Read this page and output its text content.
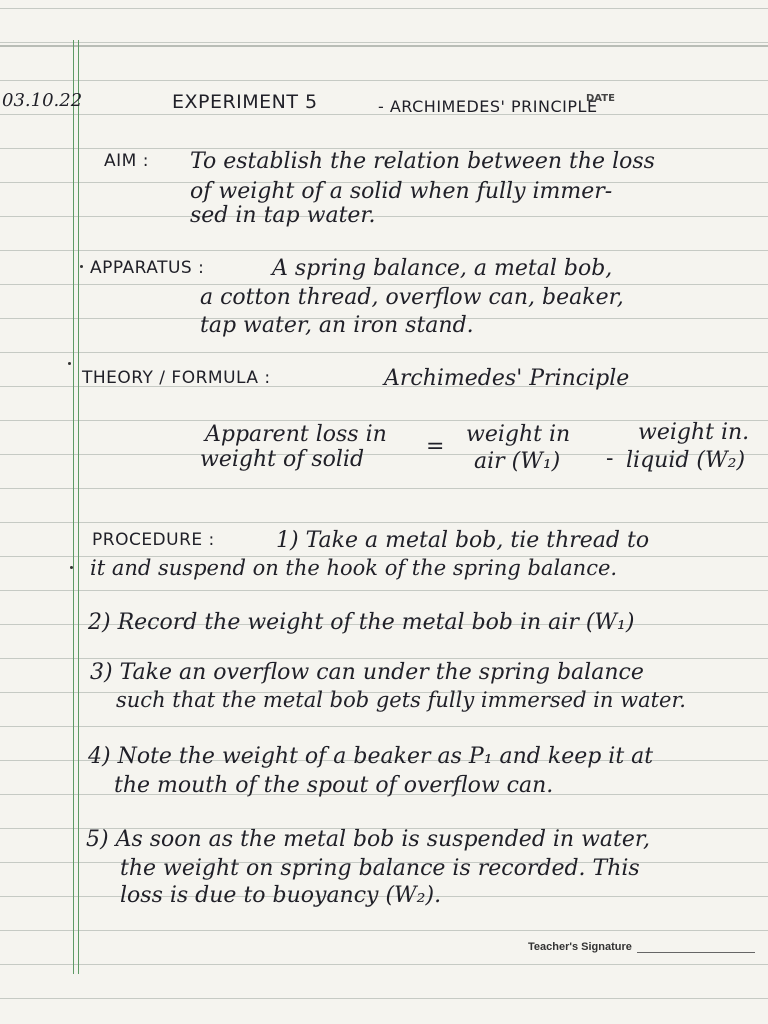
03.10.22	EXPERIMENT 5	- ARCHIMEDES' PRINCIPLE
DATE
AIM : To establish the relation between the loss
of weight of a solid when fully immer-
sed in tap water.
APPARATUS :	A spring balance, a metal bob,
a cotton thread, overflow can, beaker,
tap water, an iron stand.
THEORY / FORMULA :	Archimedes' Principle
Apparent loss in
weight of solid
= weight in
air (W₁) -
weight in.
liquid (W₂)
PROCEDURE :	1) Take a metal bob, tie thread to
it and suspend on the hook of the spring balance.
2) Record the weight of the metal bob in air (W₁)
3) Take an overflow can under the spring balance
such that the metal bob gets fully immersed in water.
4) Note the weight of a beaker as P₁ and keep it at
the mouth of the spout of overflow can.
5) As soon as the metal bob is suspended in water,
the weight on spring balance is recorded. This
loss is due to buoyancy (W₂).
Teacher's Signature
